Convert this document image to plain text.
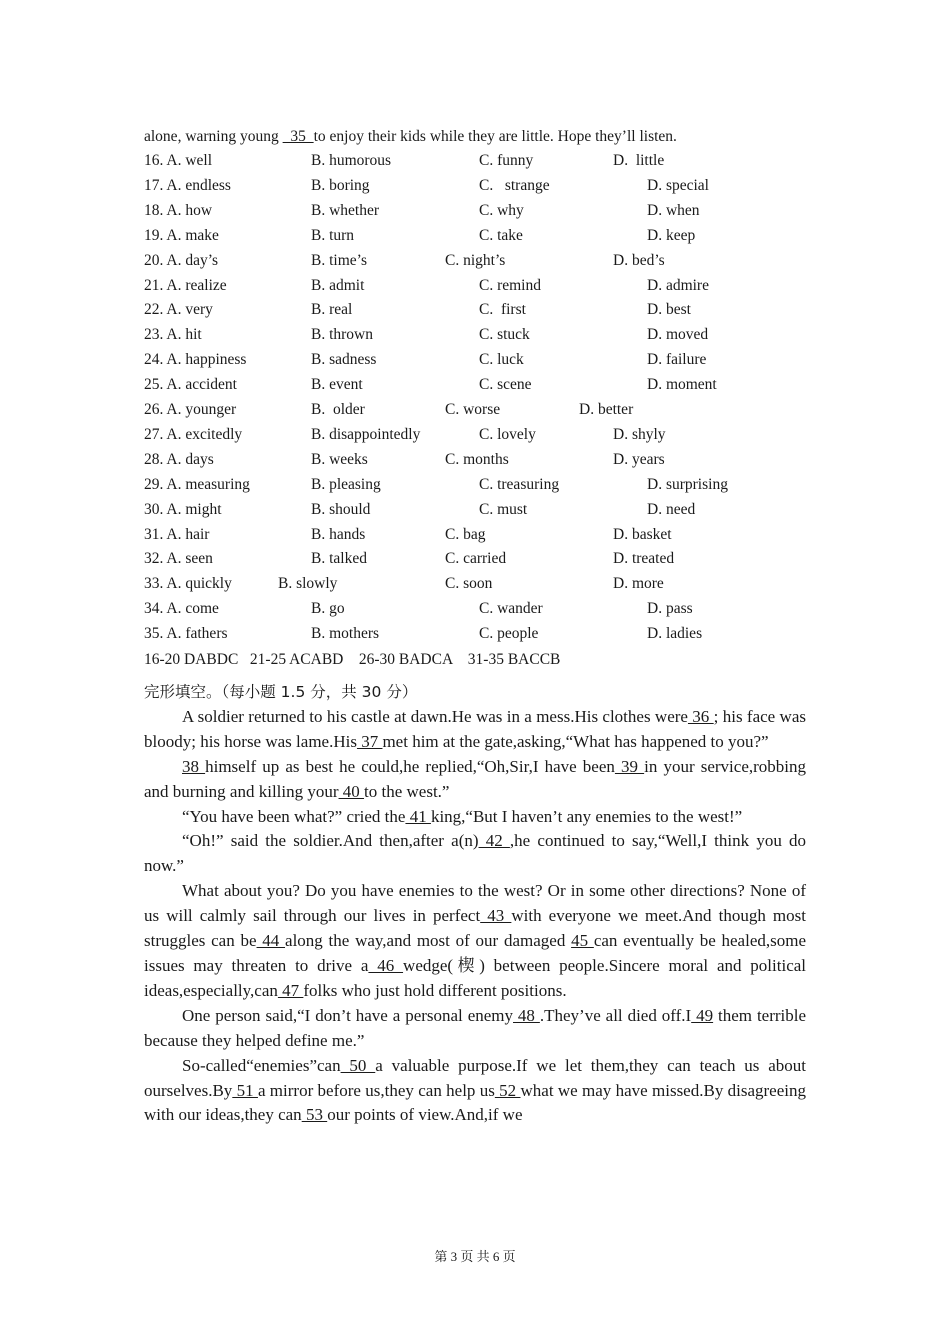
alone, warning young   35  to enjoy their kids while they are little. Hope they’ll listen.
16. A. well	B. humorous	C. funny	D.  little
17. A. endless	B. boring	C.   strange	D. special
18. A. how	B. whether	C. why	D. when
19. A. make	B. turn	C. take	D. keep
20. A. day’s	B. time’s	C. night’s	D. bed’s
21. A. realize	B. admit	C. remind	D. admire
22. A. very	B. real	C.  first	D. best
23. A. hit	B. thrown	C. stuck	D. moved
24. A. happiness	B. sadness	C. luck	D. failure
25. A. accident	B. event	C. scene	D. moment
26. A. younger	B.  older	C. worse	D. better
27. A. excitedly	B. disappointedly	C. lovely	D. shyly
28. A. days	B. weeks	C. months	D. years
29. A. measuring	B. pleasing	C. treasuring	D. surprising
30. A. might	B. should	C. must	D. need
31. A. hair	B. hands	C. bag	D. basket
32. A. seen	B. talked	C. carried	D. treated
33. A. quickly	B. slowly	C. soon	D. more
34. A. come	B. go	C. wander	D. pass
35. A. fathers	B. mothers	C. people	D. ladies
16-20 DABDC   21-25 ACABD    26-30 BADCA    31-35 BACCB

完形填空。（每小题 1.5 分，共 30 分）

A soldier returned to his castle at dawn.He was in a mess.His clothes were 36 ; his face was bloody; his horse was lame.His 37 met him at the gate,asking,“What has happened to you?”

38 himself up as best he could,he replied,“Oh,Sir,I have been 39 in your service,robbing and burning and killing your 40 to the west.”

“You have been what?” cried the 41 king,“But I haven’t any enemies to the west!”

“Oh!” said the soldier.And then,after a(n) 42 ,he continued to say,“Well,I think you do now.”

What about you? Do you have enemies to the west? Or in some other directions? None of us will calmly sail through our lives in perfect 43 with everyone we meet.And though most struggles can be 44 along the way,and most of our damaged 45 can eventually be healed,some issues may threaten to drive a 46 wedge(楔) between people.Sincere moral and political ideas,especially,can 47 folks who just hold different positions.

One person said,“I don’t have a personal enemy 48 .They’ve all died off.I 49 them terrible because they helped define me.”

So-called“enemies”can 50 a valuable purpose.If we let them,they can teach us about ourselves.By 51 a mirror before us,they can help us 52 what we may have missed.By disagreeing with our ideas,they can 53 our points of view.And,if we

第 3 页 共 6 页
